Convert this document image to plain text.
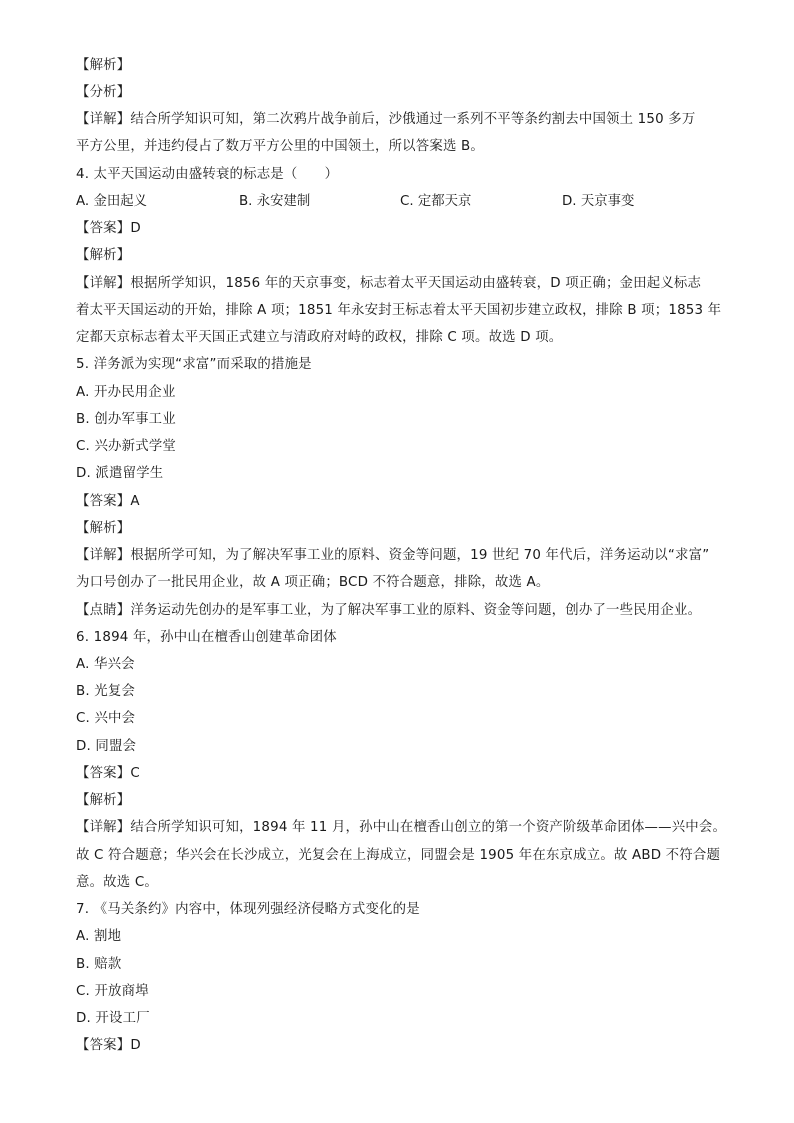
【解析】
【分析】
【详解】结合所学知识可知，第二次鸦片战争前后，沙俄通过一系列不平等条约割去中国领土 150 多万
平方公里，并违约侵占了数万平方公里的中国领土，所以答案选 B。
4. 太平天国运动由盛转衰的标志是（　　）
A. 金田起义	B. 永安建制	C. 定都天京	D. 天京事变
【答案】D
【解析】
【详解】根据所学知识，1856 年的天京事变，标志着太平天国运动由盛转衰，D 项正确；金田起义标志
着太平天国运动的开始，排除 A 项；1851 年永安封王标志着太平天国初步建立政权，排除 B 项；1853 年
定都天京标志着太平天国正式建立与清政府对峙的政权，排除 C 项。故选 D 项。
5. 洋务派为实现“求富”而采取的措施是
A. 开办民用企业
B. 创办军事工业
C. 兴办新式学堂
D. 派遣留学生
【答案】A
【解析】
【详解】根据所学可知，为了解决军事工业的原料、资金等问题，19 世纪 70 年代后，洋务运动以“求富”
为口号创办了一批民用企业，故 A 项正确；BCD 不符合题意，排除，故选 A。
【点睛】洋务运动先创办的是军事工业，为了解决军事工业的原料、资金等问题，创办了一些民用企业。
6. 1894 年，孙中山在檀香山创建革命团体
A. 华兴会
B. 光复会
C. 兴中会
D. 同盟会
【答案】C
【解析】
【详解】结合所学知识可知，1894 年 11 月，孙中山在檀香山创立的第一个资产阶级革命团体——兴中会。
故 C 符合题意；华兴会在长沙成立，光复会在上海成立，同盟会是 1905 年在东京成立。故 ABD 不符合题
意。故选 C。
7. 《马关条约》内容中，体现列强经济侵略方式变化的是
A. 割地
B. 赔款
C. 开放商埠
D. 开设工厂
【答案】D
